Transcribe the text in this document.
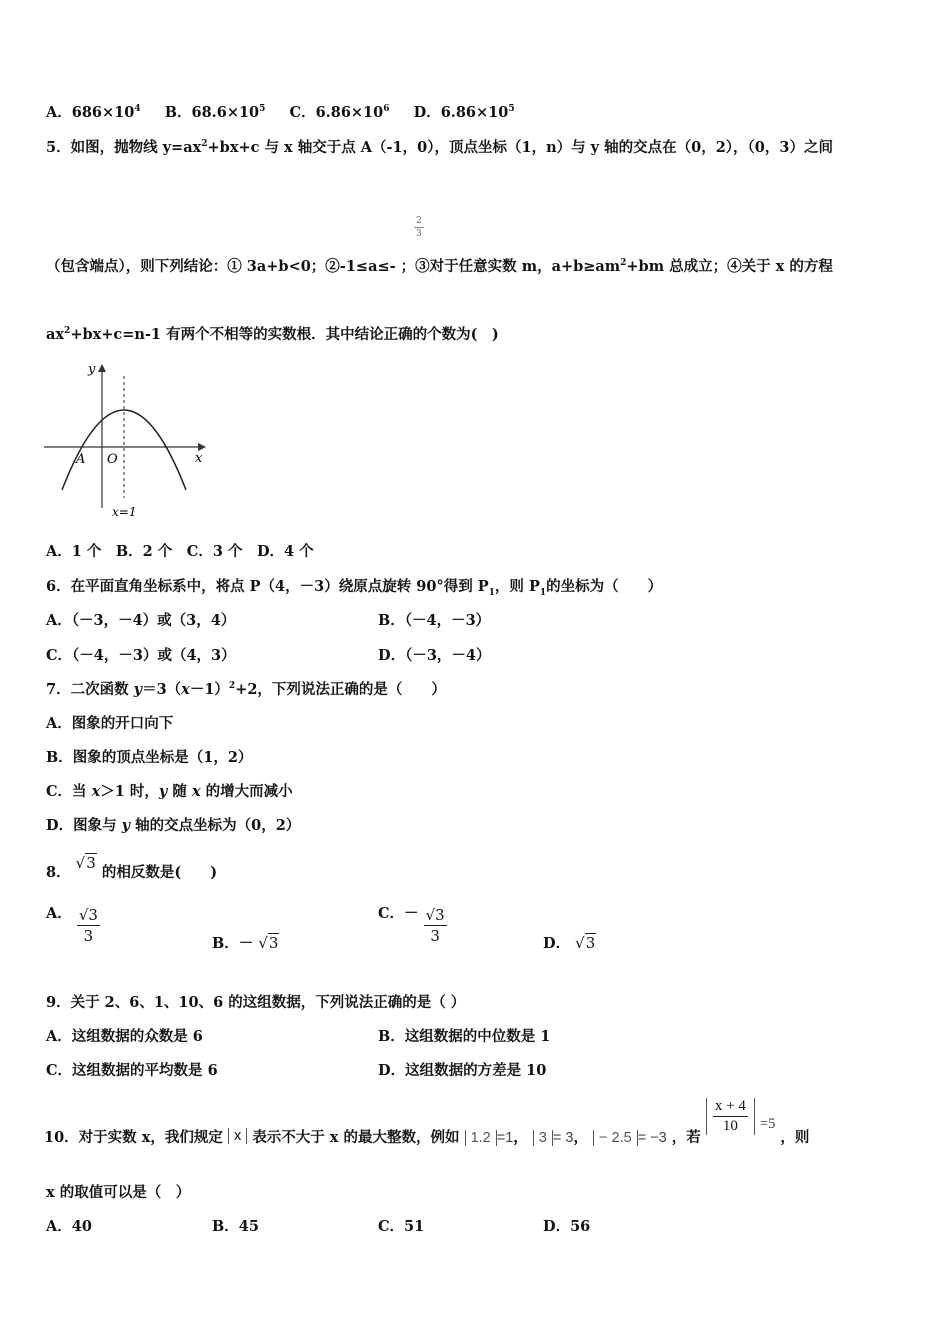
A．$686\times 10^4$ B．$68.6\times 10^5$ C．$6.86\times 10^6$ D．$6.86\times 10^5$
5．如图，抛物线 $y=ax^2+bx+c$ 与 x 轴交于点 A（-1，0），顶点坐标（1，n）与 y 轴的交点在（0，2），（0，3）之间
$\frac{2}{3}$
（包含端点），则下列结论：① 3a+b<0；②-1≤a≤- ；③对于任意实数 m，$a+b\ge am^2+bm$ 总成立；④关于 x 的方程
$ax^2+bx+c=n-1$ 有两个不相等的实数根．其中结论正确的个数为(　)
y
x
A O
x=1
A．1 个　B．2 个　C．3 个　D．4 个
6．在平面直角坐标系中，将点 P（4，－3）绕原点旋转 90°得到 $P_1$，则 $P_1$的坐标为（　　）
A．（－3，－4）或（3，4）	B．（－4，－3）
C．（－4，－3）或（4，3）	D．（－3，－4）
7．二次函数 $y=3(x-1)^2+2$，下列说法正确的是（　　）
A．图象的开口向下
B．图象的顶点坐标是（1，2）
C．当 x＞1 时，y 随 x 的增大而减小
D．图象与 y 轴的交点坐标为（0，2）
8． √3 的相反数是(　　)
A． $\frac{√3}{3}$	B．－ √3
C．－ $\frac{√3}{3}$	D． √3
9．关于 2、6、1、10、6 的这组数据，下列说法正确的是（ ）
A．这组数据的众数是 6	B．这组数据的中位数是 1
C．这组数据的平均数是 6	D．这组数据的方差是 10
10．对于实数 x，我们规定 x 表示不大于 x 的最大整数，例如 1.2 =1， 3 = 3， − 2.5 = −3 ，若
$\frac{x + 4}{10} =5$ ，则
x 的取值可以是（　）
A．40	B．45	C．51	D．56
